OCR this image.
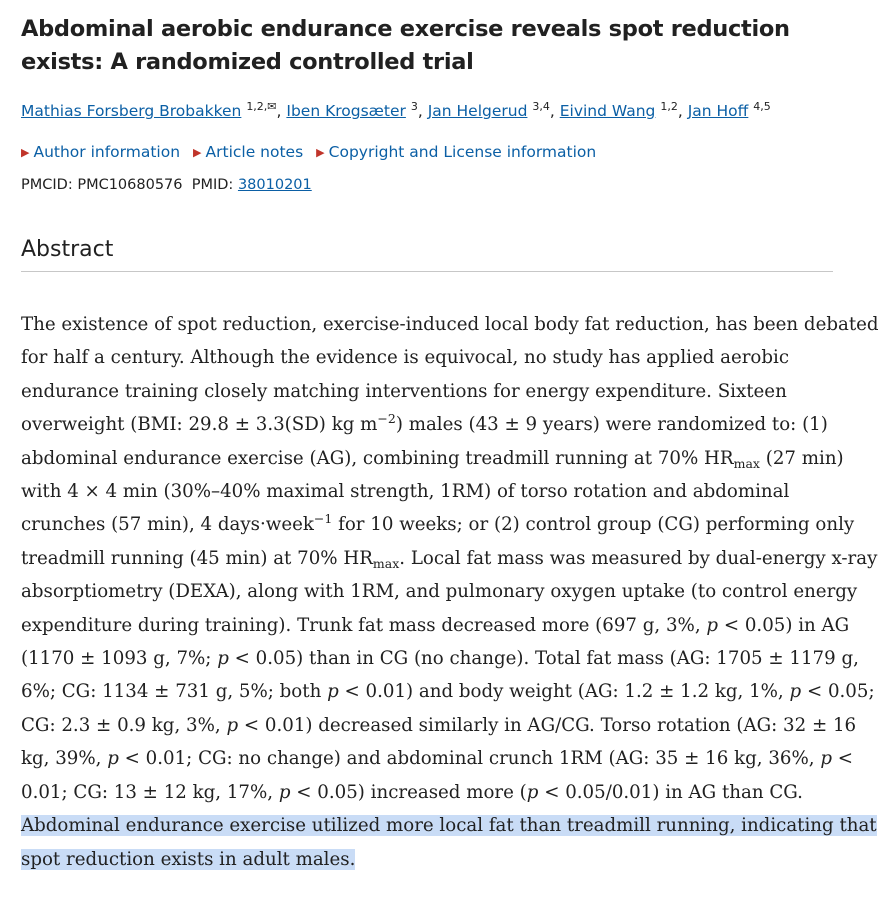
Abdominal aerobic endurance exercise reveals spot reduction exists: A randomized controlled trial
Mathias Forsberg Brobakken $^{1,2,✉}$, Iben Krogsæter $^3$, Jan Helgerud $^{3,4}$, Eivind Wang $^{1,2}$, Jan Hoff $^{4,5}$
▶ Author information ▶ Article notes ▶ Copyright and License information
PMCID: PMC10680576 PMID: 38010201
Abstract
The existence of spot reduction, exercise-induced local body fat reduction, has been debated
for half a century. Although the evidence is equivocal, no study has applied aerobic
endurance training closely matching interventions for energy expenditure. Sixteen
overweight (BMI: 29.8 ± 3.3(SD) kg $m^{-2}$) males (43 ± 9 years) were randomized to: (1)
abdominal endurance exercise (AG), combining treadmill running at 70% $HR_{max}$ (27 min)
with 4 × 4 min (30%–40% maximal strength, 1RM) of torso rotation and abdominal
crunches (57 min), 4 days·week$^{-1}$ for 10 weeks; or (2) control group (CG) performing only
treadmill running (45 min) at 70% $HR_{max}$. Local fat mass was measured by dual-energy x-ray
absorptiometry (DEXA), along with 1RM, and pulmonary oxygen uptake (to control energy
expenditure during training). Trunk fat mass decreased more (697 g, 3%, p < 0.05) in AG
(1170 ± 1093 g, 7%; p < 0.05) than in CG (no change). Total fat mass (AG: 1705 ± 1179 g,
6%; CG: 1134 ± 731 g, 5%; both p < 0.01) and body weight (AG: 1.2 ± 1.2 kg, 1%, p < 0.05;
CG: 2.3 ± 0.9 kg, 3%, p < 0.01) decreased similarly in AG/CG. Torso rotation (AG: 32 ± 16
kg, 39%, p < 0.01; CG: no change) and abdominal crunch 1RM (AG: 35 ± 16 kg, 36%, p <
0.01; CG: 13 ± 12 kg, 17%, p < 0.05) increased more (p < 0.05/0.01) in AG than CG.
Abdominal endurance exercise utilized more local fat than treadmill running, indicating that
spot reduction exists in adult males.
